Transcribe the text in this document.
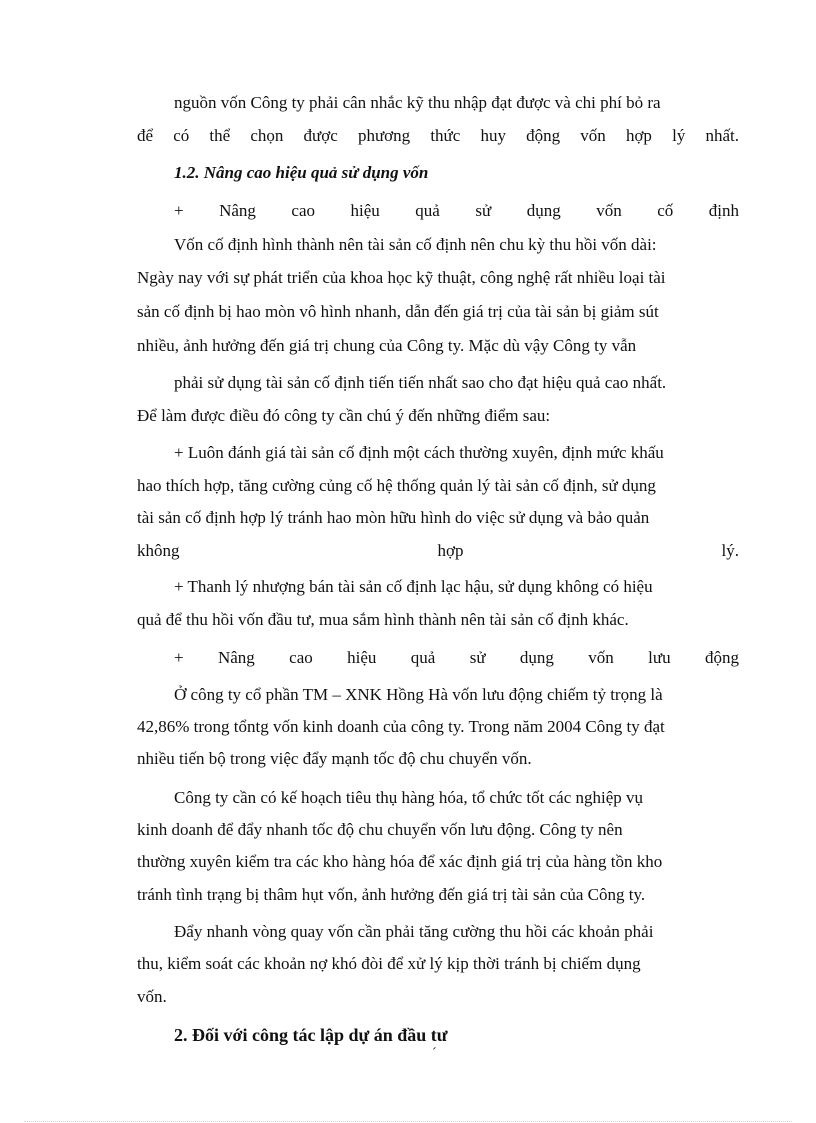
nguồn vốn Công ty phải cân nhắc kỹ thu nhập đạt được và chi phí bỏ ra
để có thể chọn được phương thức huy động vốn hợp lý nhất.
1.2. Nâng cao hiệu quả sử dụng vốn
+ Nâng cao hiệu quả sử dụng vốn cố định
Vốn cố định hình thành nên tài sản cố định nên chu kỳ thu hồi vốn dài:
Ngày nay với sự phát triển của khoa học kỹ thuật, công nghệ rất nhiều loại tài
sản cố định bị hao mòn vô hình nhanh, dẫn đến giá trị của tài sản bị giảm sút
nhiều, ảnh hưởng đến giá trị chung của Công ty. Mặc dù vậy Công ty vẫn
phải sử dụng tài sản cố định tiến tiến nhất sao cho đạt hiệu quả cao nhất.
Để làm được điều đó công ty cần chú ý đến những điểm sau:
+ Luôn đánh giá tài sản cố định một cách thường xuyên, định mức khấu
hao thích hợp, tăng cường củng cố hệ thống quản lý tài sản cố định, sử dụng
tài sản cố định hợp lý tránh hao mòn hữu hình do việc sử dụng và bảo quản
không hợp lý.
+ Thanh lý nhượng bán tài sản cố định lạc hậu, sử dụng không có hiệu
quả để thu hồi vốn đầu tư, mua sắm hình thành nên tài sản cố định khác.
+ Nâng cao hiệu quả sử dụng vốn lưu động
Ở công ty cổ phần TM – XNK Hồng Hà vốn lưu động chiếm tỷ trọng là
42,86% trong tổntg vốn kinh doanh của công ty. Trong năm 2004 Công ty đạt
nhiều tiến bộ trong việc đẩy mạnh tốc độ chu chuyển vốn.
Công ty cần có kế hoạch tiêu thụ hàng hóa, tổ chức tốt các nghiệp vụ
kinh doanh để đẩy nhanh tốc độ chu chuyển vốn lưu động. Công ty nên
thường xuyên kiểm tra các kho hàng hóa để xác định giá trị của hàng tồn kho
tránh tình trạng bị thâm hụt vốn, ảnh hưởng đến giá trị tài sản của Công ty.
Đẩy nhanh vòng quay vốn cần phải tăng cường thu hồi các khoản phải
thu, kiểm soát các khoản nợ khó đòi để xử lý kịp thời tránh bị chiếm dụng
vốn.
2. Đối với công tác lập dự án đầu tư
´
